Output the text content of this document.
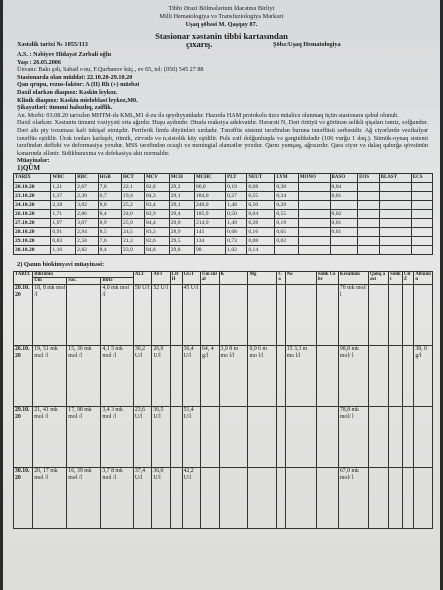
Tibbi Ərazi Bölmələrinin İdarətmə Birliyi
Milli Hematologiya və Transfuziologiya Mərkəzi
Uşaq şöbəsi M. Qaşqay 87.
Stasionar xəstənin tibbi kartasından
Xəstəlik tarixi № 1055/113	çıxarış.	Şöbə:Uşaq Hematologiya

A.S. : Nəbiyev Hidayət Zərbali oğlu

Yaşı : 26.05.2006

Ünvanı: Bakı şəh, Sabail r-nu, F.Qurbanov küç., ev 65, tel: (050) 545 27 88

Stasionarda olan müddət: 22.10.20-29.10.20

Qan qrupu, rezus-faktor: A (II) Rh (+) müsbət

Daxil olarkən diaqnoz: Kəskin leykoz.

Klinik diaqnoz: Kəskin mieloblast leykoz,M0.

Şikayətləri: ümumi halsızlıq, zəiflik.

An. Morbi: 03.08.20 tarixdən MHTM-də KML,M1 d-zu ilə qeydiyyatdadır. Hazırda HAM protokolu üzrə müalicə olunmaq üçün stasionara qəbul olunub.

Daxil olarkən: Xəstənin ümumi vəziyyəti orta ağırdır. Huşu aydındır. Ətrafa reaksiya adekvatdır. Hərarəti N, Dəri örtüyü və görünən selikli qişaları təmiz, solğundur. Dəri altı piy toxuması kafi inkişaf etmişdir. Periferik limfa düyünləri xırdadır. Tənəffüs sistemi tərəfindən buruna tənəffüsü sərbəstdir. Ağ ciyərlərdə vezikulyar tənəffüs eşidilir. Ürək tonları karlaşıb, ritmik, zirvədə və n.sistolik küy eşidilir. Puls zəif dolğunluqda və gərginlikdədir (106 vurğu 1 dəq.). Sümük-oynaq sistemi tərəfindən deffekt və deformasiya yoxdur. MSS tərəfindən ocaqlı və meningial əlamətlər yoxdur. Qarnı yumşaq, ağrısızdır. Qara ciyər və dalaq qabırğa qövsünün kənarında əllənir. Sidikburaxma və defekasiya aktı normaldır.

Müayinələr:

1)QÜM

TARİX	WBC	RBC	HGB	HCT	MCV	MCH	MCHC	PLT	NEUT	LYM	MONO	BASO	EOS	BLAST	ECS
20.10.20	1,21	2,67	7,8	22,1	82,8	29,2	86,0	0,19	0,68	0,30		0,04			
23.10.20	1,17	2,30	6,7	19,4	84,3	29,1	184,0	0,27	0,55	0,34		0,01			
24.10.20	2,18	3,02	8,8	25,2	83,4	29,1	240,0	1,48	0,50	0,20					
26.10.20	1,71	2,86	8,4	24,0	83,9	29,4	185,9	0,50	0,64	0,55		0,02			
27.10.20	1,97	3,07	8,9	25,9	84,4	29,0	214,9	1,49	0,28	0,19		0,01			
28.10.20	0,91	2,94	8,5	24,5	83,3	28,9	145	0,68	0,16	0,05		0,01			
29.10.20	0,83	2,58	7,6	21,3	82,6	29,5	134	0,73	0,08	0,02					
30.10.20	1,16	2,82	8,4	23,9	84,8	29,8	98	1,02	0,14						
2) Qanın biokimyəvi müayinəsi:
TARİX	Bilirubin			ALT	AST	LDH	GGT	Üm zülal	K	Mg	Ca	Na	Sidik Cö hv	Kreatinin	Qalıq azot	Sidik t	CRZ	Albumin
	Üm	Sər.	Birlə															
20.10.20	18, 8 mk mol /l		4,0 mk mol /l	50 U/l	52 U/l		45 U/l							70 mk mol/ l				
26.10.20	19, 51 mk mol /l	15, 36 mk mol /l	4,1 5 mk mol /l	30,2 U/l	26,9 U/l		36,4 U/l	64, 4 g/l	3,9 8 m mo l/l	0,9 6 m mo l/l		15 3,3 m mo l/l		98,8 mk mol/ l				38, 0 g/l
29.10.20	21, 41 mk mol /l	17, 98 mk mol /l	3,4 3 mk mol /l	23,6 U/l	36,5 U/l		51,4 U/l							78,8 mk mol/ l				
30.10.20	20, 17 mk mol /l	16, 39 mk mol /l	3,7 8 mk mol /l	37,4 U/l	36,0 U/l		42,2 U/l							67,0 mk mol/ l				
